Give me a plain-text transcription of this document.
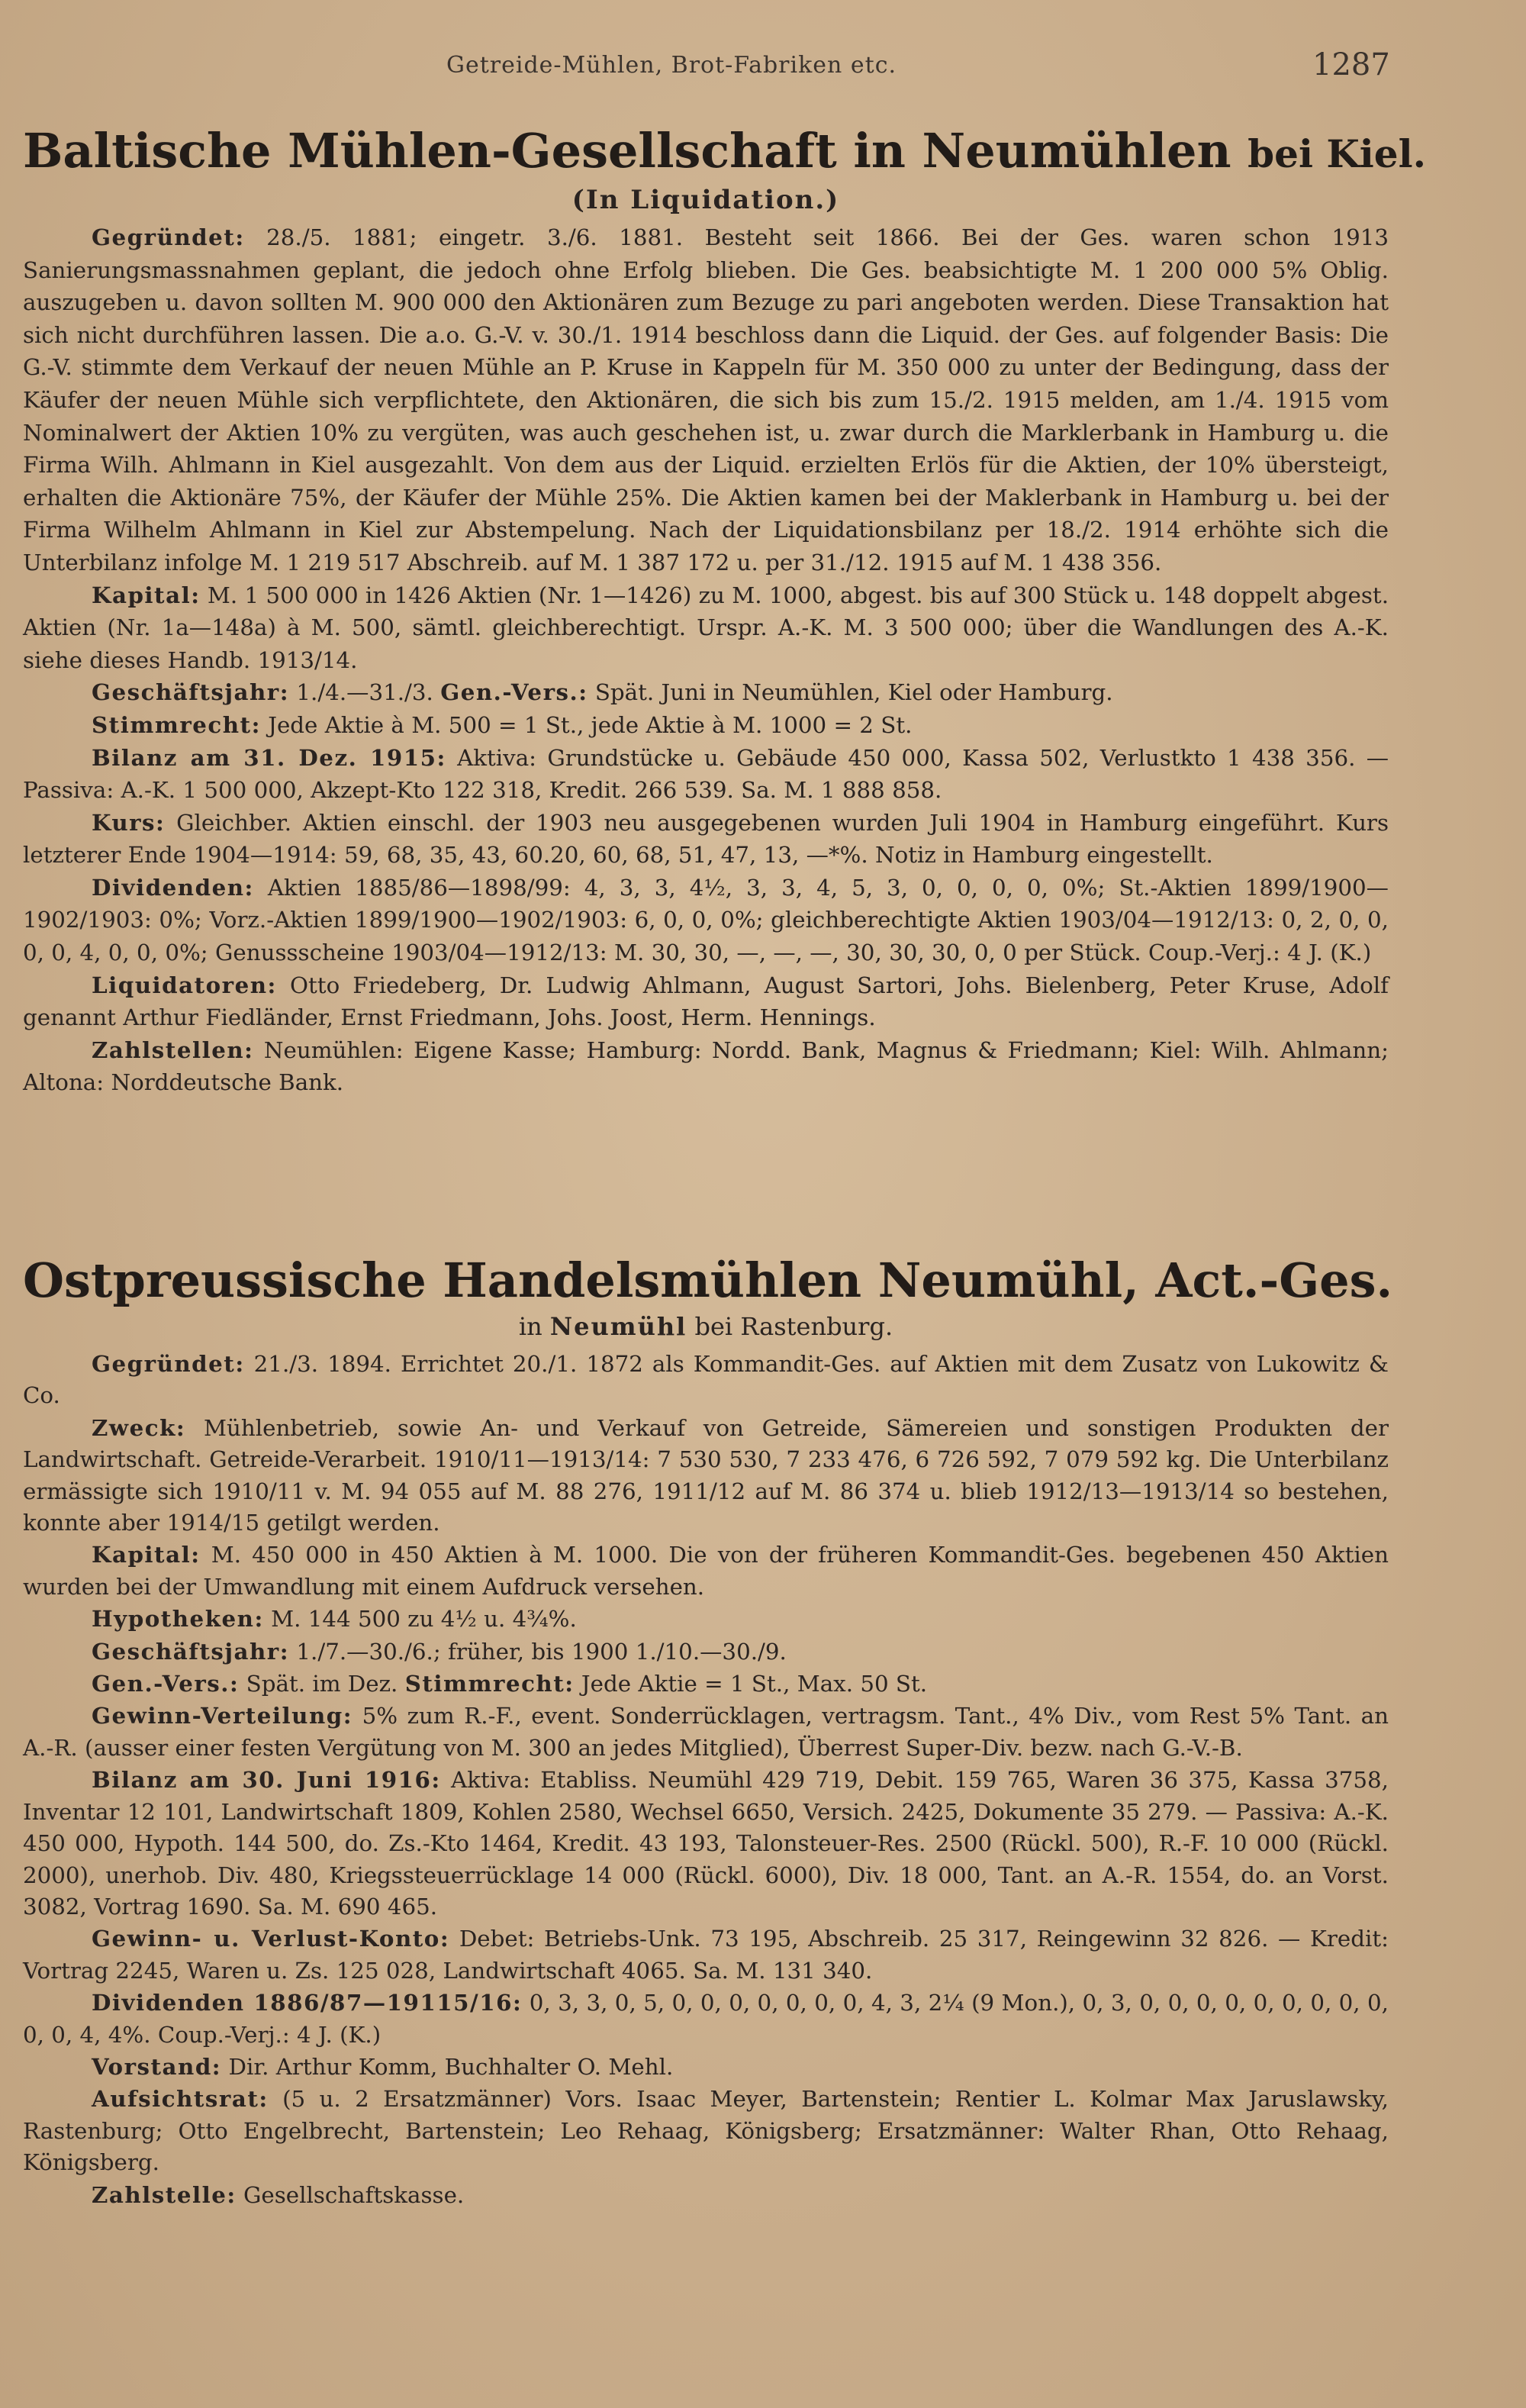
Getreide-Mühlen, Brot-Fabriken etc.	1287
Baltische Mühlen-Gesellschaft in Neumühlen bei Kiel.

(In Liquidation.)

Gegründet: 28./5. 1881; eingetr. 3./6. 1881. Besteht seit 1866. Bei der Ges. waren schon 1913 Sanierungsmassnahmen geplant, die jedoch ohne Erfolg blieben. Die Ges. beabsichtigte M. 1 200 000 5% Oblig. auszugeben u. davon sollten M. 900 000 den Aktionären zum Bezuge zu pari angeboten werden. Diese Transaktion hat sich nicht durchführen lassen. Die a.o. G.-V. v. 30./1. 1914 beschloss dann die Liquid. der Ges. auf folgender Basis: Die G.-V. stimmte dem Verkauf der neuen Mühle an P. Kruse in Kappeln für M. 350 000 zu unter der Bedingung, dass der Käufer der neuen Mühle sich verpflichtete, den Aktionären, die sich bis zum 15./2. 1915 melden, am 1./4. 1915 vom Nominalwert der Aktien 10% zu vergüten, was auch geschehen ist, u. zwar durch die Marklerbank in Hamburg u. die Firma Wilh. Ahlmann in Kiel ausgezahlt. Von dem aus der Liquid. erzielten Erlös für die Aktien, der 10% übersteigt, erhalten die Aktionäre 75%, der Käufer der Mühle 25%. Die Aktien kamen bei der Maklerbank in Hamburg u. bei der Firma Wilhelm Ahlmann in Kiel zur Abstempelung. Nach der Liquidationsbilanz per 18./2. 1914 erhöhte sich die Unterbilanz infolge M. 1 219 517 Abschreib. auf M. 1 387 172 u. per 31./12. 1915 auf M. 1 438 356.

Kapital: M. 1 500 000 in 1426 Aktien (Nr. 1—1426) zu M. 1000, abgest. bis auf 300 Stück u. 148 doppelt abgest. Aktien (Nr. 1a—148a) à M. 500, sämtl. gleichberechtigt. Urspr. A.-K. M. 3 500 000; über die Wandlungen des A.-K. siehe dieses Handb. 1913/14.

Geschäftsjahr: 1./4.—31./3. Gen.-Vers.: Spät. Juni in Neumühlen, Kiel oder Hamburg.

Stimmrecht: Jede Aktie à M. 500 = 1 St., jede Aktie à M. 1000 = 2 St.

Bilanz am 31. Dez. 1915: Aktiva: Grundstücke u. Gebäude 450 000, Kassa 502, Verlustkto 1 438 356. — Passiva: A.-K. 1 500 000, Akzept-Kto 122 318, Kredit. 266 539. Sa. M. 1 888 858.

Kurs: Gleichber. Aktien einschl. der 1903 neu ausgegebenen wurden Juli 1904 in Hamburg eingeführt. Kurs letzterer Ende 1904—1914: 59, 68, 35, 43, 60.20, 60, 68, 51, 47, 13, —*%. Notiz in Hamburg eingestellt.

Dividenden: Aktien 1885/86—1898/99: 4, 3, 3, 4½, 3, 3, 4, 5, 3, 0, 0, 0, 0, 0%; St.-Aktien 1899/1900—1902/1903: 0%; Vorz.-Aktien 1899/1900—1902/1903: 6, 0, 0, 0%; gleichberechtigte Aktien 1903/04—1912/13: 0, 2, 0, 0, 0, 0, 4, 0, 0, 0%; Genussscheine 1903/04—1912/13: M. 30, 30, —, —, —, 30, 30, 30, 0, 0 per Stück. Coup.-Verj.: 4 J. (K.)

Liquidatoren: Otto Friedeberg, Dr. Ludwig Ahlmann, August Sartori, Johs. Bielenberg, Peter Kruse, Adolf genannt Arthur Fiedländer, Ernst Friedmann, Johs. Joost, Herm. Hennings.

Zahlstellen: Neumühlen: Eigene Kasse; Hamburg: Nordd. Bank, Magnus & Friedmann; Kiel: Wilh. Ahlmann; Altona: Norddeutsche Bank.

Ostpreussische Handelsmühlen Neumühl, Act.-Ges.

in Neumühl bei Rastenburg.

Gegründet: 21./3. 1894. Errichtet 20./1. 1872 als Kommandit-Ges. auf Aktien mit dem Zusatz von Lukowitz & Co.

Zweck: Mühlenbetrieb, sowie An- und Verkauf von Getreide, Sämereien und sonstigen Produkten der Landwirtschaft. Getreide-Verarbeit. 1910/11—1913/14: 7 530 530, 7 233 476, 6 726 592, 7 079 592 kg. Die Unterbilanz ermässigte sich 1910/11 v. M. 94 055 auf M. 88 276, 1911/12 auf M. 86 374 u. blieb 1912/13—1913/14 so bestehen, konnte aber 1914/15 getilgt werden.

Kapital: M. 450 000 in 450 Aktien à M. 1000. Die von der früheren Kommandit-Ges. begebenen 450 Aktien wurden bei der Umwandlung mit einem Aufdruck versehen.

Hypotheken: M. 144 500 zu 4½ u. 4¾%.

Geschäftsjahr: 1./7.—30./6.; früher, bis 1900 1./10.—30./9.

Gen.-Vers.: Spät. im Dez. Stimmrecht: Jede Aktie = 1 St., Max. 50 St.

Gewinn-Verteilung: 5% zum R.-F., event. Sonderrücklagen, vertragsm. Tant., 4% Div., vom Rest 5% Tant. an A.-R. (ausser einer festen Vergütung von M. 300 an jedes Mitglied), Überrest Super-Div. bezw. nach G.-V.-B.

Bilanz am 30. Juni 1916: Aktiva: Etabliss. Neumühl 429 719, Debit. 159 765, Waren 36 375, Kassa 3758, Inventar 12 101, Landwirtschaft 1809, Kohlen 2580, Wechsel 6650, Versich. 2425, Dokumente 35 279. — Passiva: A.-K. 450 000, Hypoth. 144 500, do. Zs.-Kto 1464, Kredit. 43 193, Talonsteuer-Res. 2500 (Rückl. 500), R.-F. 10 000 (Rückl. 2000), unerhob. Div. 480, Kriegssteuerrücklage 14 000 (Rückl. 6000), Div. 18 000, Tant. an A.-R. 1554, do. an Vorst. 3082, Vortrag 1690. Sa. M. 690 465.

Gewinn- u. Verlust-Konto: Debet: Betriebs-Unk. 73 195, Abschreib. 25 317, Reingewinn 32 826. — Kredit: Vortrag 2245, Waren u. Zs. 125 028, Landwirtschaft 4065. Sa. M. 131 340.

Dividenden 1886/87—19115/16: 0, 3, 3, 0, 5, 0, 0, 0, 0, 0, 0, 0, 4, 3, 2¼ (9 Mon.), 0, 3, 0, 0, 0, 0, 0, 0, 0, 0, 0, 0, 0, 4, 4%. Coup.-Verj.: 4 J. (K.)

Vorstand: Dir. Arthur Komm, Buchhalter O. Mehl.

Aufsichtsrat: (5 u. 2 Ersatzmänner) Vors. Isaac Meyer, Bartenstein; Rentier L. Kolmar Max Jaruslawsky, Rastenburg; Otto Engelbrecht, Bartenstein; Leo Rehaag, Königsberg; Ersatzmänner: Walter Rhan, Otto Rehaag, Königsberg.

Zahlstelle: Gesellschaftskasse.
